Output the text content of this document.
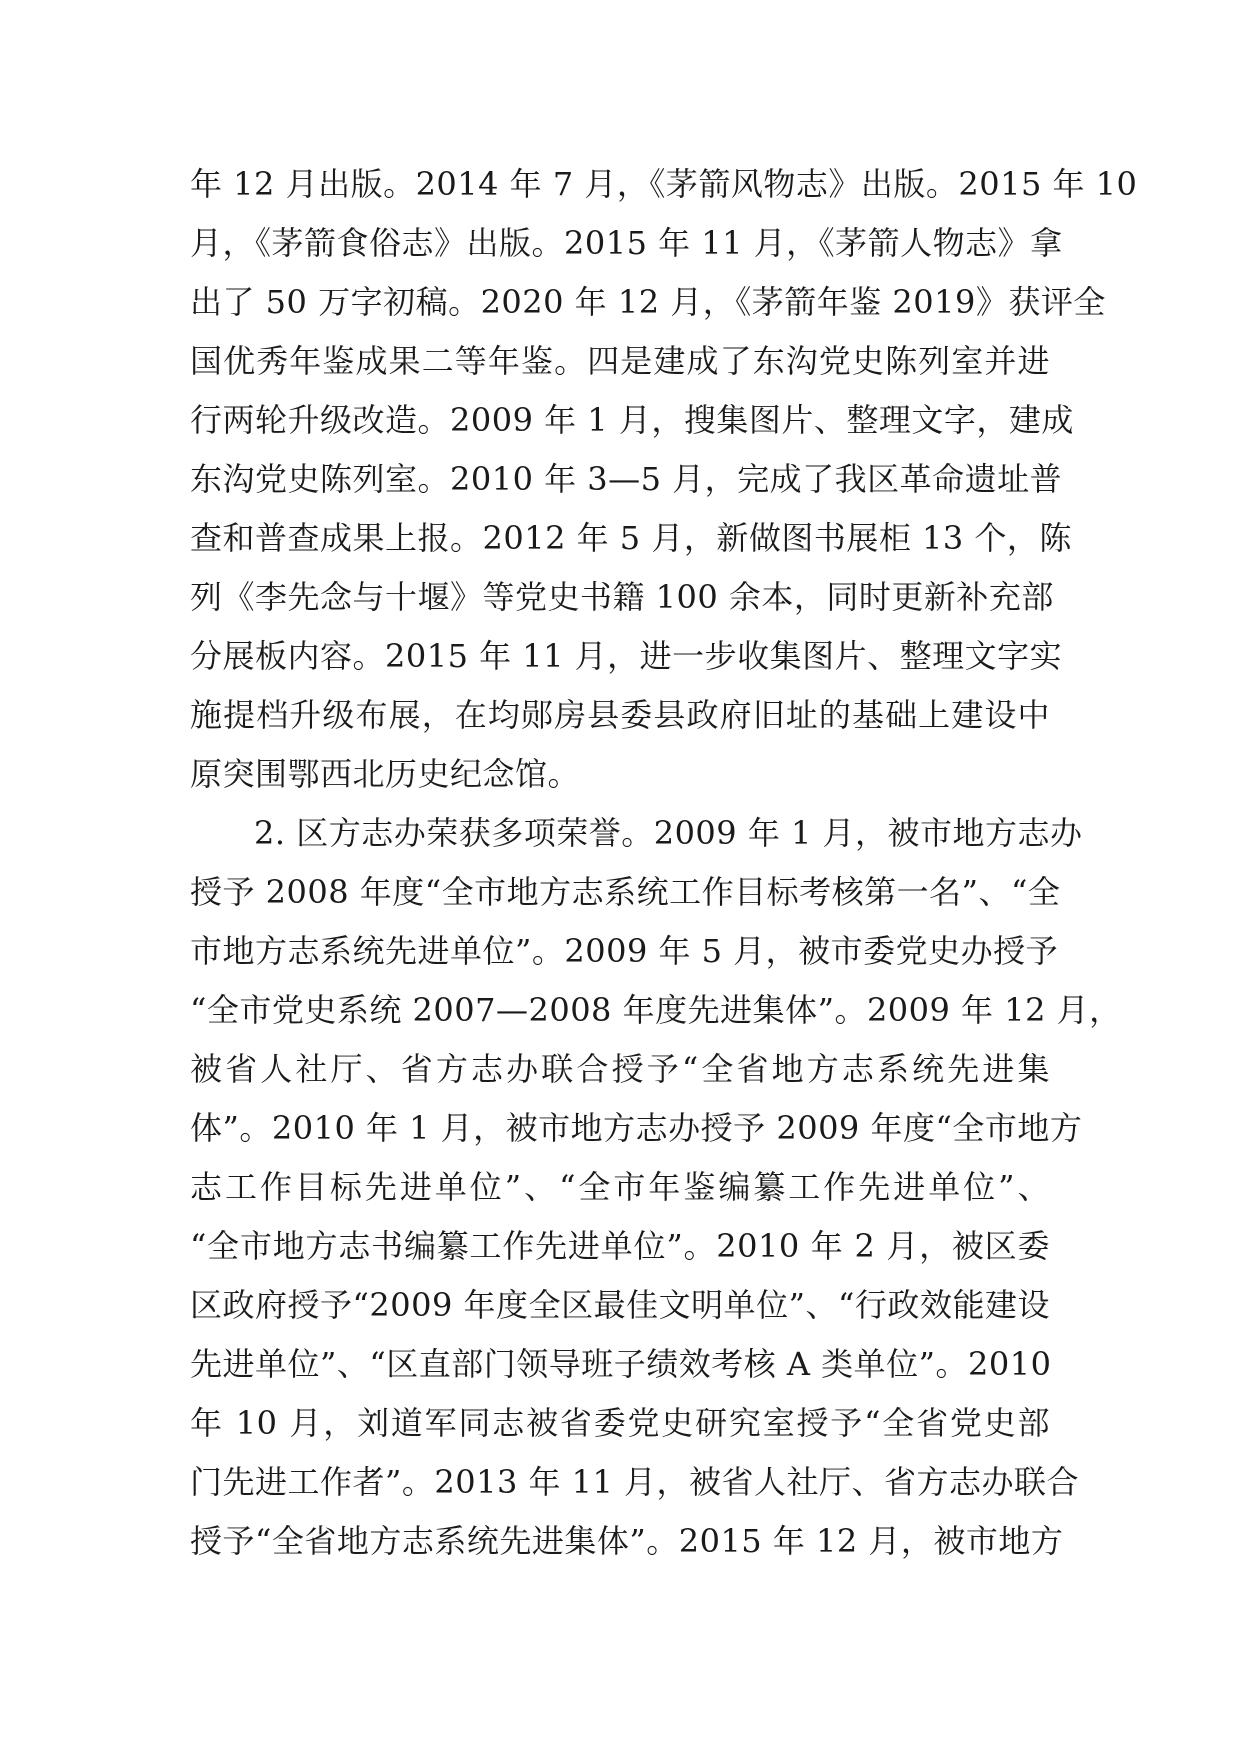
年 12 月出版。2014 年 7 月，《茅箭风物志》出版。2015 年 10
月，《茅箭食俗志》出版。2015 年 11 月，《茅箭人物志》拿
出了 50 万字初稿。2020 年 12 月，《茅箭年鉴 2019》获评全
国优秀年鉴成果二等年鉴。四是建成了东沟党史陈列室并进
行两轮升级改造。2009 年 1 月，搜集图片、整理文字，建成
东沟党史陈列室。2010 年 3—5 月，完成了我区革命遗址普
查和普查成果上报。2012 年 5 月，新做图书展柜 13 个，陈
列《李先念与十堰》等党史书籍 100 余本，同时更新补充部
分展板内容。2015 年 11 月，进一步收集图片、整理文字实
施提档升级布展，在均郧房县委县政府旧址的基础上建设中
原突围鄂西北历史纪念馆。
2. 区方志办荣获多项荣誉。2009 年 1 月，被市地方志办
授予 2008 年度“全市地方志系统工作目标考核第一名”、“全
市地方志系统先进单位”。2009 年 5 月，被市委党史办授予
“全市党史系统 2007—2008 年度先进集体”。2009 年 12 月，
被省人社厅、省方志办联合授予“全省地方志系统先进集
体”。2010 年 1 月，被市地方志办授予 2009 年度“全市地方
志工作目标先进单位”、“全市年鉴编纂工作先进单位”、
“全市地方志书编纂工作先进单位”。2010 年 2 月，被区委
区政府授予“2009 年度全区最佳文明单位”、“行政效能建设
先进单位”、“区直部门领导班子绩效考核 A 类单位”。2010
年 10 月，刘道军同志被省委党史研究室授予“全省党史部
门先进工作者”。2013 年 11 月，被省人社厅、省方志办联合
授予“全省地方志系统先进集体”。2015 年 12 月，被市地方
